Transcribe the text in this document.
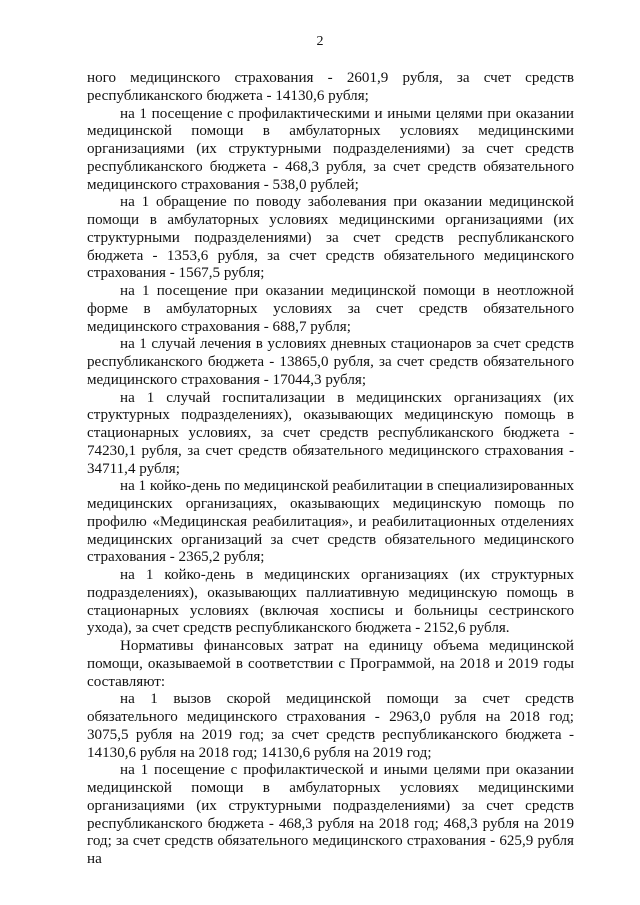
2

ного медицинского страхования - 2601,9 рубля, за счет средств республиканского бюджета - 14130,6 рубля;

на 1 посещение с профилактическими и иными целями при оказании медицинской помощи в амбулаторных условиях медицинскими организациями (их структурными подразделениями) за счет средств республиканского бюджета - 468,3 рубля, за счет средств обязательного медицинского страхования - 538,0 рублей;

на 1 обращение по поводу заболевания при оказании медицинской помощи в амбулаторных условиях медицинскими организациями (их структурными подразделениями) за счет средств республиканского бюджета - 1353,6 рубля, за счет средств обязательного медицинского страхования - 1567,5 рубля;

на 1 посещение при оказании медицинской помощи в неотложной форме в амбулаторных условиях за счет средств обязательного медицинского страхования - 688,7 рубля;

на 1 случай лечения в условиях дневных стационаров за счет средств республиканского бюджета - 13865,0 рубля, за счет средств обязательного медицинского страхования - 17044,3 рубля;

на 1 случай госпитализации в медицинских организациях (их структурных подразделениях), оказывающих медицинскую помощь в стационарных условиях, за счет средств республиканского бюджета - 74230,1 рубля, за счет средств обязательного медицинского страхования - 34711,4 рубля;

на 1 койко-день по медицинской реабилитации в специализированных медицинских организациях, оказывающих медицинскую помощь по профилю «Медицинская реабилитация», и реабилитационных отделениях медицинских организаций за счет средств обязательного медицинского страхования - 2365,2 рубля;

на 1 койко-день в медицинских организациях (их структурных подразделениях), оказывающих паллиативную медицинскую помощь в стационарных условиях (включая хосписы и больницы сестринского ухода), за счет средств республиканского бюджета - 2152,6 рубля.

Нормативы финансовых затрат на единицу объема медицинской помощи, оказываемой в соответствии с Программой, на 2018 и 2019 годы составляют:

на 1 вызов скорой медицинской помощи за счет средств обязательного медицинского страхования - 2963,0 рубля на 2018 год; 3075,5 рубля на 2019 год; за счет средств республиканского бюджета - 14130,6 рубля на 2018 год; 14130,6 рубля на 2019 год;

на 1 посещение с профилактической и иными целями при оказании медицинской помощи в амбулаторных условиях медицинскими организациями (их структурными подразделениями) за счет средств республиканского бюджета - 468,3 рубля на 2018 год; 468,3 рубля на 2019 год; за счет средств обязательного медицинского страхования - 625,9 рубля на
